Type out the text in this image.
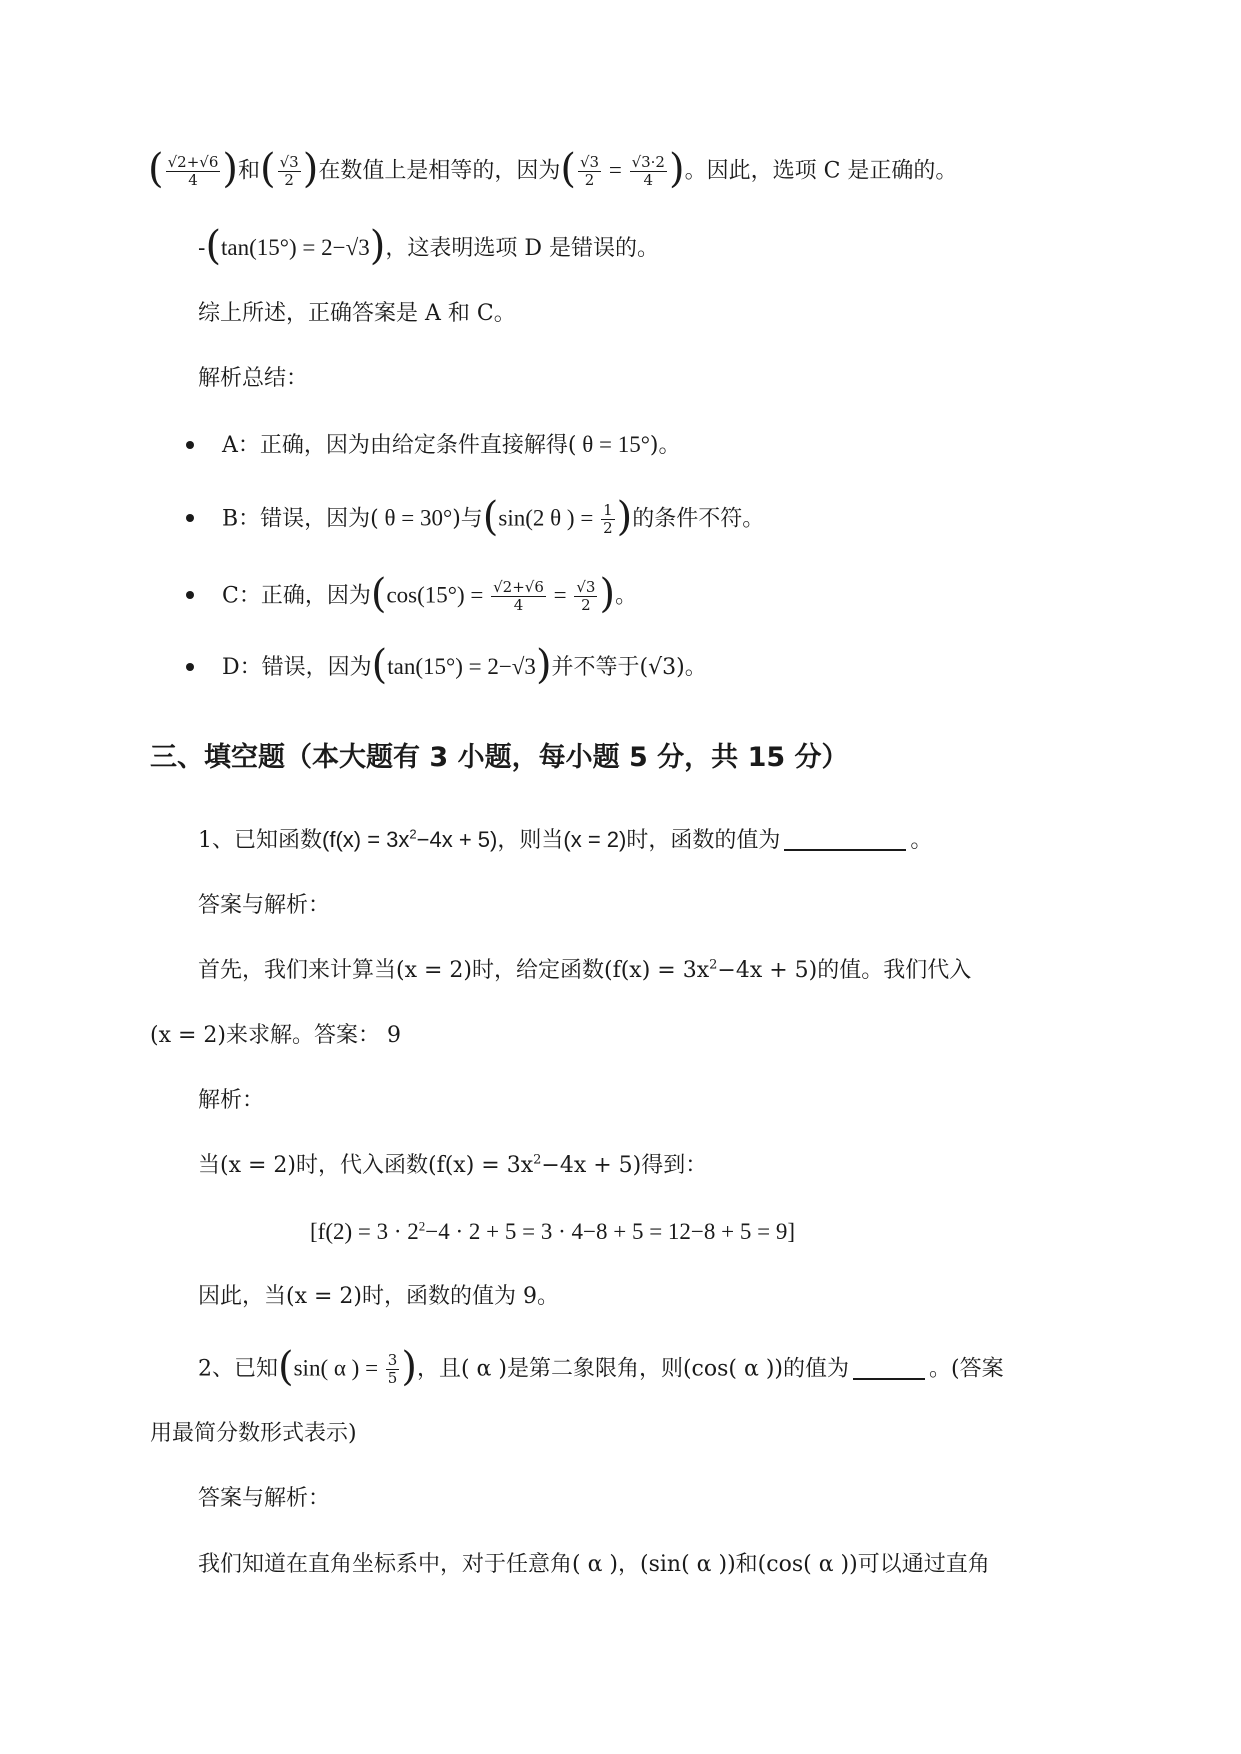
( $\frac{√2+√6}{4}$ )和( $\frac{√3}{2}$ )在数值上是相等的，因为( $\frac{√3}{2} = \frac{√3\cdot 2}{4}$ )。因此，选项 C 是正确的。
-(tan(15°) = 2−√3)，这表明选项 D 是错误的。
综上所述，正确答案是 A 和 C。
解析总结：
A：正确，因为由给定条件直接解得( θ = 15°)。
B：错误，因为( θ = 30°)与(sin(2 θ ) = $\frac{1}{2}$ )的条件不符。
C：正确，因为($\cos(15^\circ) = \frac{√2+√6}{4} = \frac{√3}{2}$ )。
D：错误，因为(tan(15°) = 2−√3)并不等于(√3)。
三、填空题（本大题有 3 小题，每小题 5 分，共 15 分）
1、已知函数$(f(x) = 3x^2-4x + 5)$，则当(x = 2)时，函数的值为	。
答案与解析：
首先，我们来计算当(x = 2)时，给定函数$(f(x) = 3x^2-4x + 5)$的值。我们代入
(x = 2)来求解。答案： 9
解析：
当(x = 2)时，代入函数$(f(x) = 3x^2-4x + 5)$得到：
$[f(2) = 3 \cdot 2^2-4 \cdot 2 + 5 = 3 \cdot 4-8 + 5 = 12-8 + 5 = 9]$
因此，当(x = 2)时，函数的值为 9。
2、已知(sin( α ) = $\frac{3}{5}$ )，且( α )是第二象限角，则(cos( α ))的值为	。(答案
用最简分数形式表示)
答案与解析：
我们知道在直角坐标系中，对于任意角( α )，(sin( α ))和(cos( α ))可以通过直角
